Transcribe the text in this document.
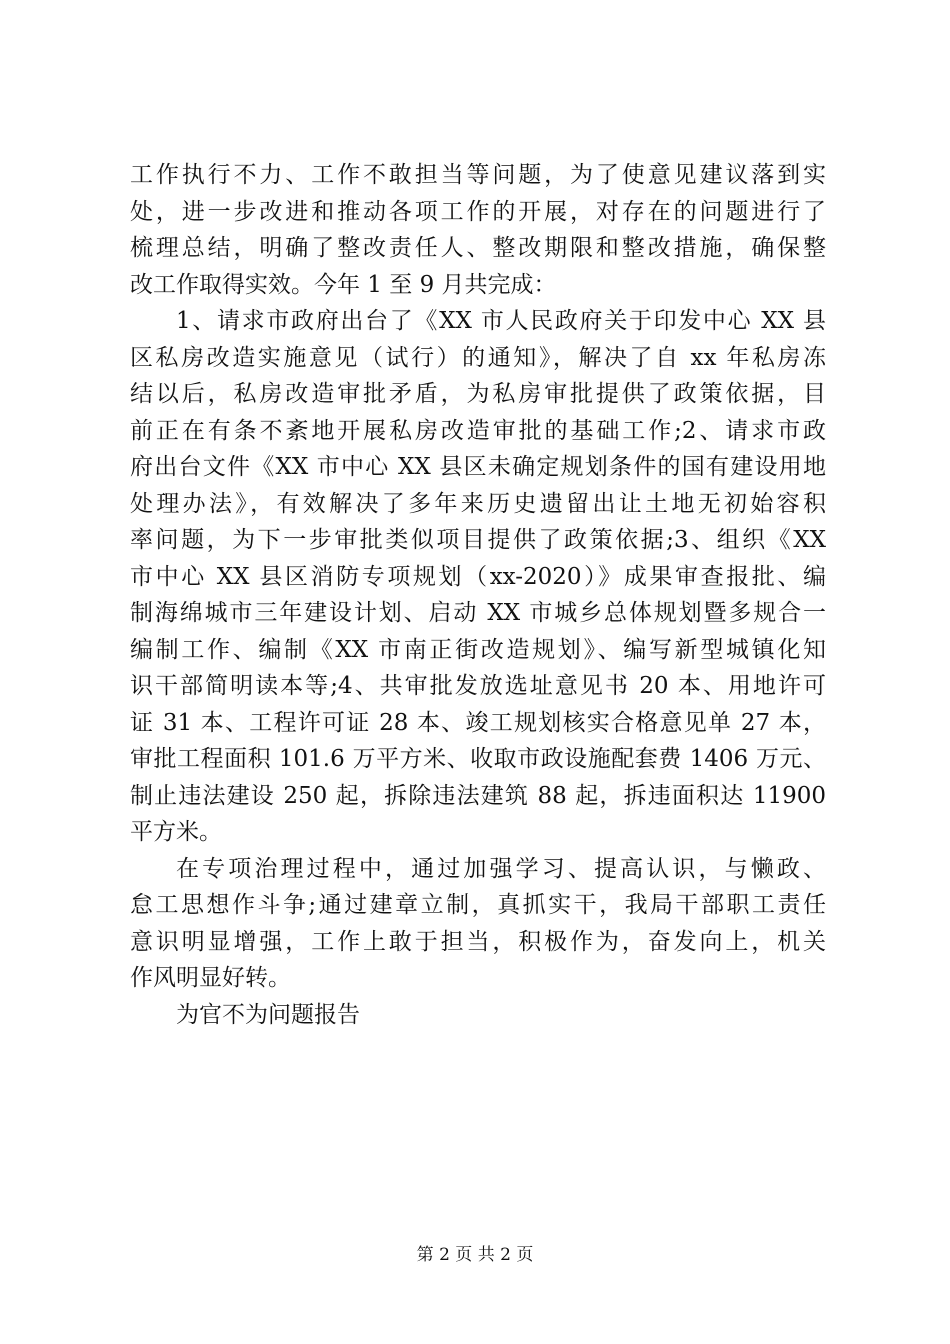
工作执行不力、工作不敢担当等问题，为了使意见建议落到实
处，进一步改进和推动各项工作的开展，对存在的问题进行了
梳理总结，明确了整改责任人、整改期限和整改措施，确保整
改工作取得实效。今年 1 至 9 月共完成：
1、请求市政府出台了《XX 市人民政府关于印发中心 XX 县
区私房改造实施意见（试行）的通知》，解决了自 xx 年私房冻
结以后，私房改造审批矛盾，为私房审批提供了政策依据，目
前正在有条不紊地开展私房改造审批的基础工作;2、请求市政
府出台文件《XX 市中心 XX 县区未确定规划条件的国有建设用地
处理办法》，有效解决了多年来历史遗留出让土地无初始容积
率问题，为下一步审批类似项目提供了政策依据;3、组织《XX
市中心 XX 县区消防专项规划（xx-2020）》成果审查报批、编
制海绵城市三年建设计划、启动 XX 市城乡总体规划暨多规合一
编制工作、编制《XX 市南正街改造规划》、编写新型城镇化知
识干部简明读本等;4、共审批发放选址意见书 20 本、用地许可
证 31 本、工程许可证 28 本、竣工规划核实合格意见单 27 本，
审批工程面积 101.6 万平方米、收取市政设施配套费 1406 万元、
制止违法建设 250 起，拆除违法建筑 88 起，拆违面积达 11900
平方米。
在专项治理过程中，通过加强学习、提高认识，与懒政、
怠工思想作斗争;通过建章立制，真抓实干，我局干部职工责任
意识明显增强，工作上敢于担当，积极作为，奋发向上，机关
作风明显好转。
为官不为问题报告
第 2 页 共 2 页
